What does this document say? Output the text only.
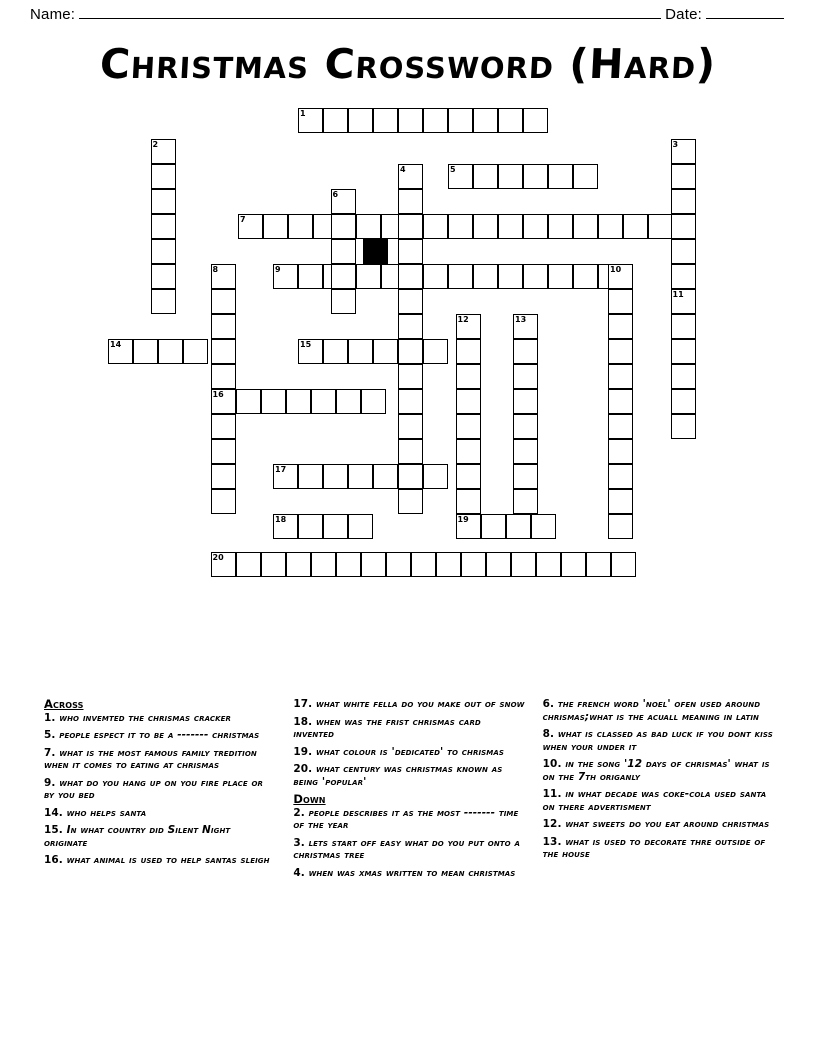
Name:	Date:
Christmas Crossword (Hard)
1
2	3
4	5
6
7
8	9	10
11
12	13
14	15
16
17
18	19
20
Across
1. who invemted the chrismas cracker
5. people espect it to be a ------- christmas
7. what is the most famous family tredition when it comes to eating at chrismas
9. what do you hang up on you fire place or by you bed
14. who helps santa
15. In what country did Silent Night originate
16. what animal is used to help santas sleigh
17. what white fella do you make out of snow
18. when was the frist chrismas card invented
19. what colour is 'dedicated' to chrismas
20. what century was christmas known as being 'popular'
Down
2. people describes it as the most ------- time of the year
3. lets start off easy what do you put onto a christmas tree
4. when was xmas written to mean christmas
6. the french word 'noel' ofen used around chrismas;what is the acuall meaning in latin
8. what is classed as bad luck if you dont kiss when your under it
10. in the song '12 days of chrismas' what is on the 7th origanly
11. in what decade was coke-cola used santa on there advertisment
12. what sweets do you eat around christmas
13. what is used to decorate thre outside of the house
